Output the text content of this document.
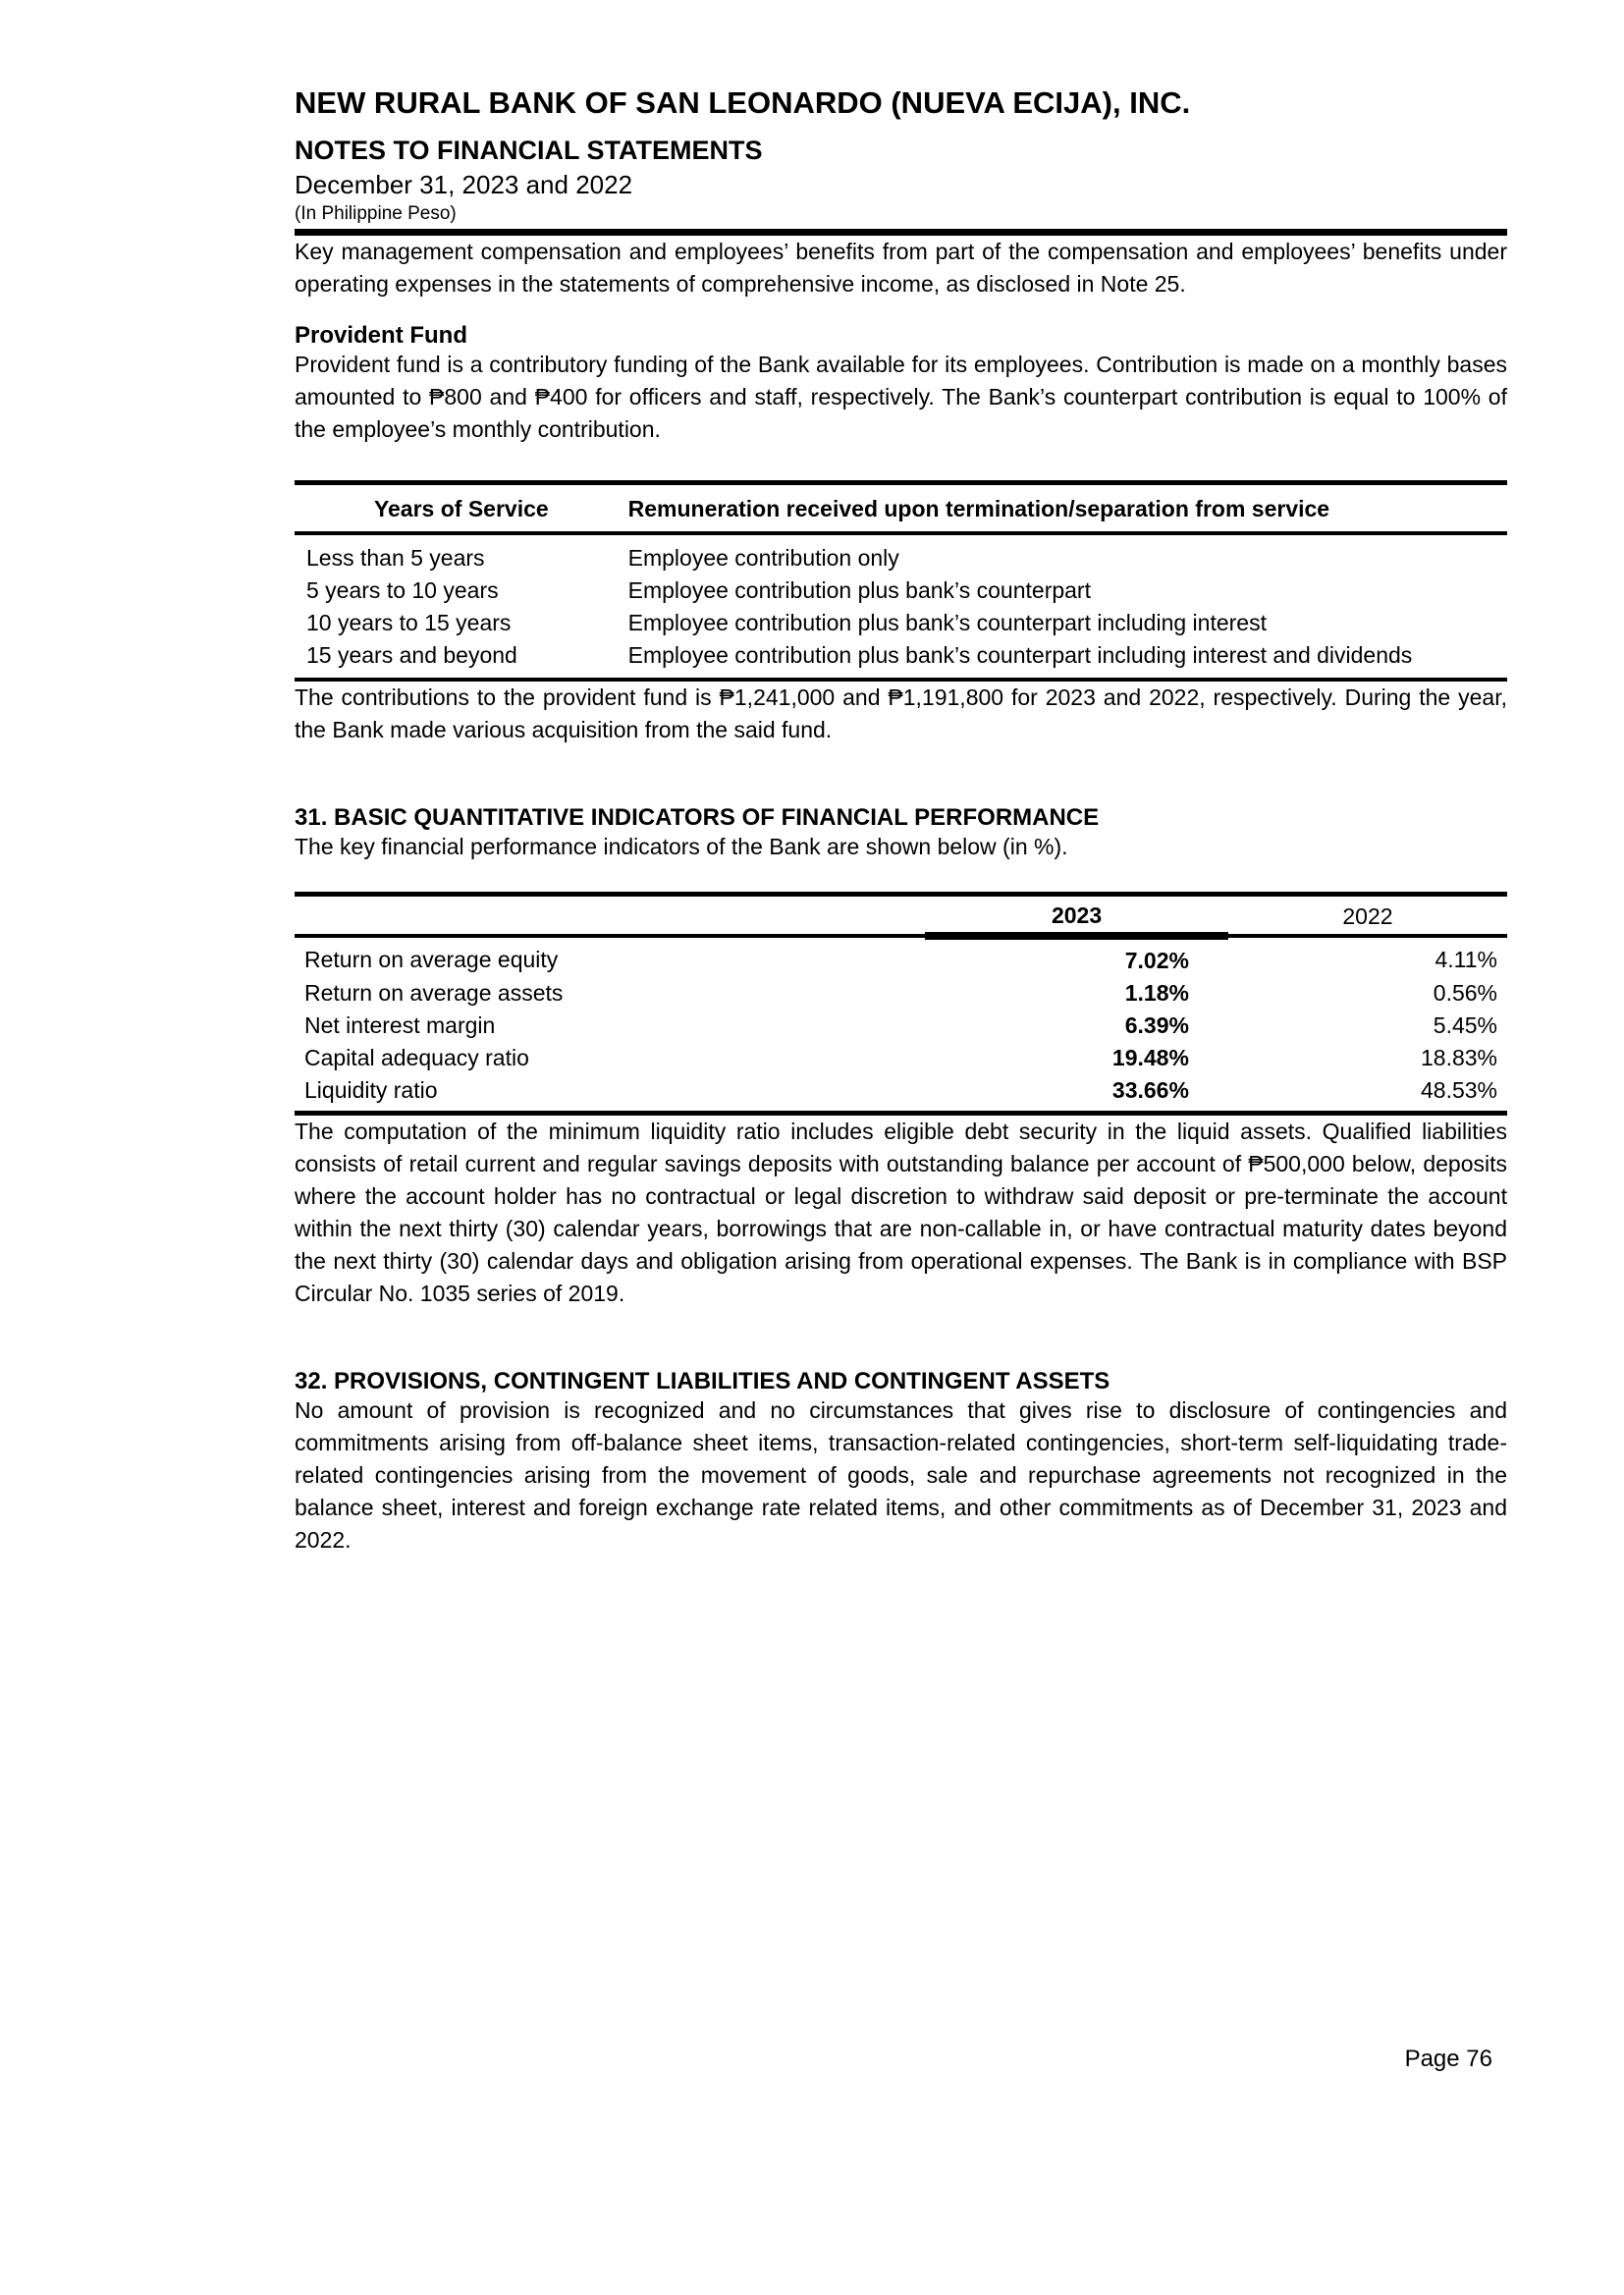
NEW RURAL BANK OF SAN LEONARDO (NUEVA ECIJA), INC.
NOTES TO FINANCIAL STATEMENTS
December 31, 2023 and 2022
(In Philippine Peso)

Key management compensation and employees’ benefits from part of the compensation and employees’ benefits under operating expenses in the statements of comprehensive income, as disclosed in Note 25.

Provident Fund

Provident fund is a contributory funding of the Bank available for its employees. Contribution is made on a monthly bases amounted to ₱800 and ₱400 for officers and staff, respectively. The Bank’s counterpart contribution is equal to 100% of the employee’s monthly contribution.

Years of Service	Remuneration received upon termination/separation from service
Less than 5 years	Employee contribution only
5 years to 10 years	Employee contribution plus bank’s counterpart
10 years to 15 years	Employee contribution plus bank’s counterpart including interest
15 years and beyond	Employee contribution plus bank’s counterpart including interest and dividends

The contributions to the provident fund is ₱1,241,000 and ₱1,191,800 for 2023 and 2022, respectively. During the year, the Bank made various acquisition from the said fund.

31. BASIC QUANTITATIVE INDICATORS OF FINANCIAL PERFORMANCE

The key financial performance indicators of the Bank are shown below (in %).

	2023	2022
Return on average equity	7.02%	4.11%
Return on average assets	1.18%	0.56%
Net interest margin	6.39%	5.45%
Capital adequacy ratio	19.48%	18.83%
Liquidity ratio	33.66%	48.53%

The computation of the minimum liquidity ratio includes eligible debt security in the liquid assets. Qualified liabilities consists of retail current and regular savings deposits with outstanding balance per account of ₱500,000 below, deposits where the account holder has no contractual or legal discretion to withdraw said deposit or pre-terminate the account within the next thirty (30) calendar years, borrowings that are non-callable in, or have contractual maturity dates beyond the next thirty (30) calendar days and obligation arising from operational expenses. The Bank is in compliance with BSP Circular No. 1035 series of 2019.

32. PROVISIONS, CONTINGENT LIABILITIES AND CONTINGENT ASSETS

No amount of provision is recognized and no circumstances that gives rise to disclosure of contingencies and commitments arising from off-balance sheet items, transaction-related contingencies, short-term self-liquidating trade- related contingencies arising from the movement of goods, sale and repurchase agreements not recognized in the balance sheet, interest and foreign exchange rate related items, and other commitments as of December 31, 2023 and 2022.

Page 76
